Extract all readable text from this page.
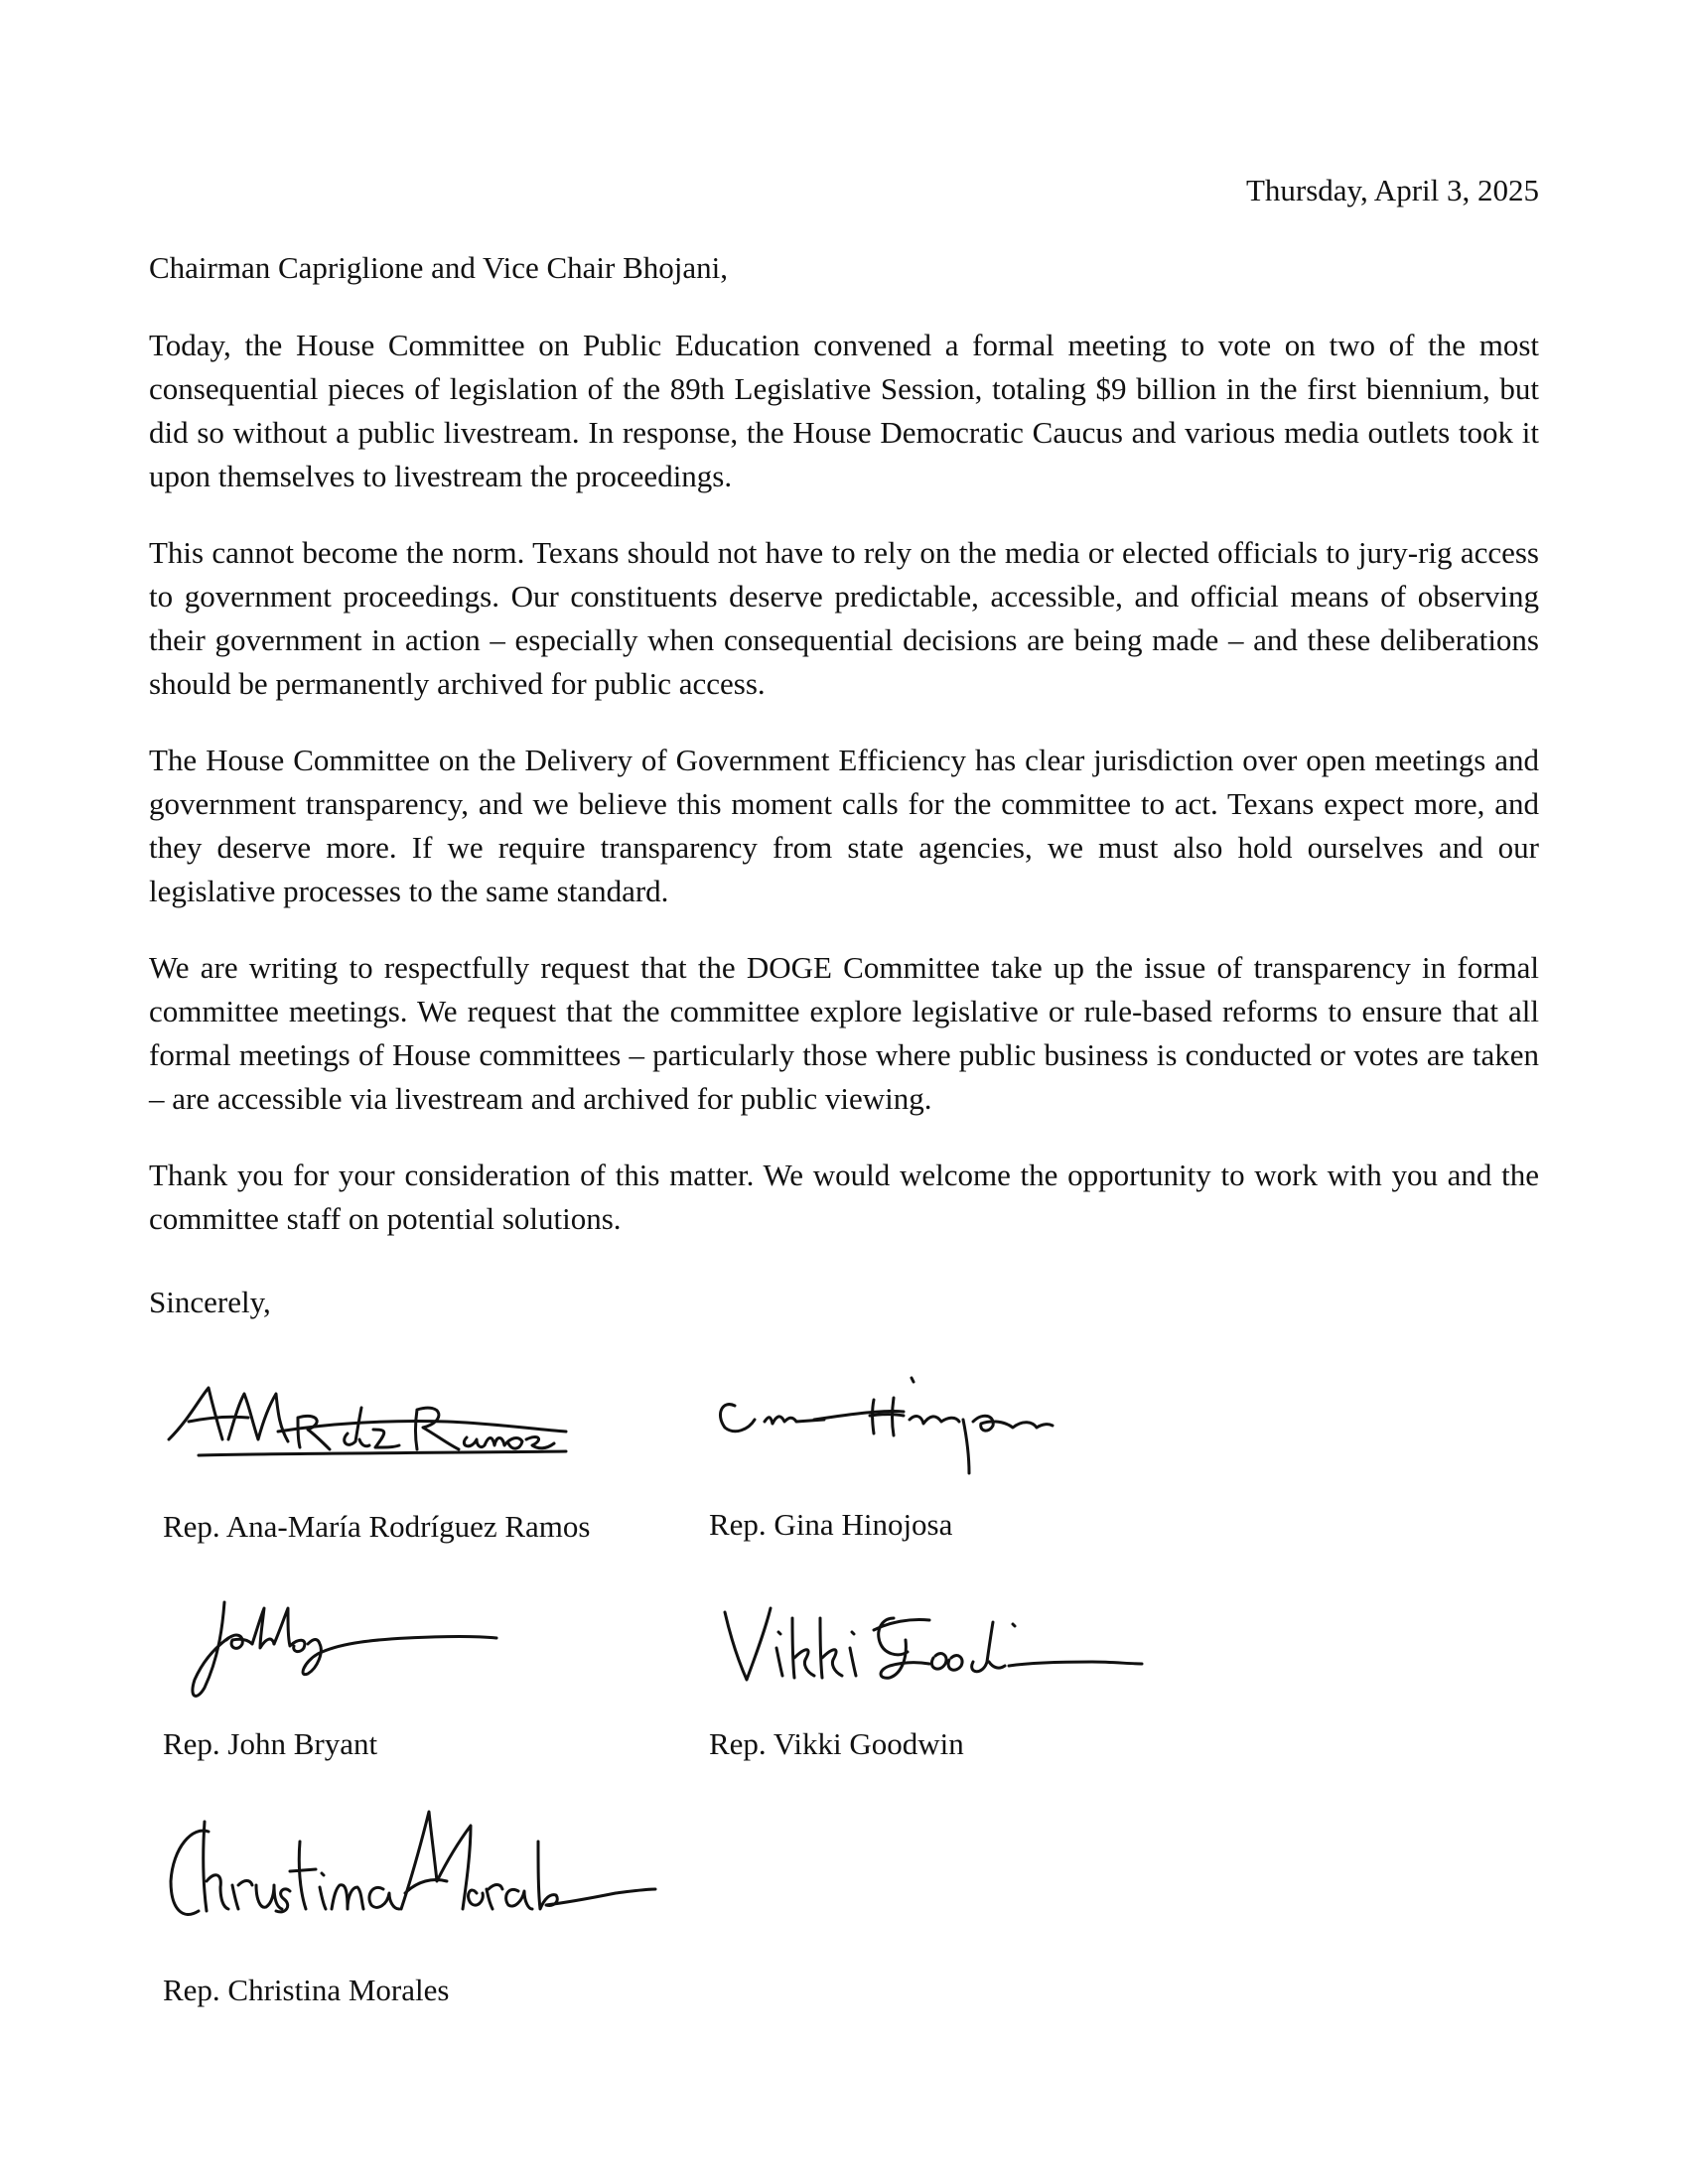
Thursday, April 3, 2025
Chairman Capriglione and Vice Chair Bhojani,

Today, the House Committee on Public Education convened a formal meeting to vote on two of the most consequential pieces of legislation of the 89th Legislative Session, totaling $9 billion in the first biennium, but did so without a public livestream. In response, the House Democratic Caucus and various media outlets took it upon themselves to livestream the proceedings.

This cannot become the norm. Texans should not have to rely on the media or elected officials to jury-rig access to government proceedings. Our constituents deserve predictable, accessible, and official means of observing their government in action – especially when consequential decisions are being made – and these deliberations should be permanently archived for public access.

The House Committee on the Delivery of Government Efficiency has clear jurisdiction over open meetings and government transparency, and we believe this moment calls for the committee to act. Texans expect more, and they deserve more. If we require transparency from state agencies, we must also hold ourselves and our legislative processes to the same standard.

We are writing to respectfully request that the DOGE Committee take up the issue of transparency in formal committee meetings. We request that the committee explore legislative or rule-based reforms to ensure that all formal meetings of House committees – particularly those where public business is conducted or votes are taken – are accessible via livestream and archived for public viewing.

Thank you for your consideration of this matter. We would welcome the opportunity to work with you and the committee staff on potential solutions.

Sincerely,
Rep. Ana-María Rodríguez Ramos	Rep. Gina Hinojosa
Rep. John Bryant	Rep. Vikki Goodwin
Rep. Christina Morales
